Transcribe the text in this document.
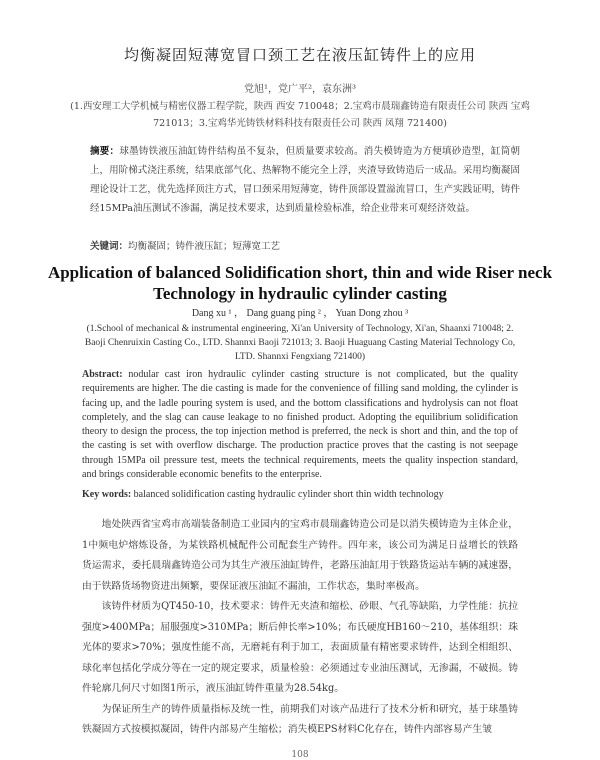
均衡凝固短薄宽冒口颈工艺在液压缸铸件上的应用
党旭¹，党广平²，袁东洲³
(1.西安理工大学机械与精密仪器工程学院，陕西 西安 710048；2.宝鸡市晨瑞鑫铸造有限责任公司 陕西 宝鸡 721013；3.宝鸡华光铸铁材料科技有限责任公司 陕西 凤翔 721400)
摘要：球墨铸铁液压油缸铸件结构虽不复杂，但质量要求较高。消失模铸造为方便填砂造型，缸筒朝上，用阶梯式浇注系统，结果底部气化、热解物不能完全上浮，夹渣导致铸造后一成品。采用均衡凝固理论设计工艺，优先选择顶注方式，冒口颈采用短薄宽，铸件顶部设置溢流冒口，生产实践证明，铸件经15MPa油压测试不渗漏，满足技术要求，达到质量检验标准，给企业带来可观经济效益。
关键词：均衡凝固；铸件液压缸；短薄宽工艺
Application of balanced Solidification short, thin and wide Riser neck Technology in hydraulic cylinder casting
Dang xu ¹ ， Dang guang ping ² ， Yuan Dong zhou ³
(1.School of mechanical & instrumental engineering, Xi'an University of Technology, Xi'an, Shaanxi 710048; 2. Baoji Chenruixin Casting Co., LTD. Shannxi Baoji 721013; 3. Baoji Huaguang Casting Material Technology Co, LTD. Shannxi Fengxiang 721400)
Abstract: nodular cast iron hydraulic cylinder casting structure is not complicated, but the quality requirements are higher. The die casting is made for the convenience of filling sand molding, the cylinder is facing up, and the ladle pouring system is used, and the bottom classifications and hydrolysis can not float completely, and the slag can cause leakage to no finished product. Adopting the equilibrium solidification theory to design the process, the top injection method is preferred, the neck is short and thin, and the top of the casting is set with overflow discharge. The production practice proves that the casting is not seepage through 15MPa oil pressure test, meets the technical requirements, meets the quality inspection standard, and brings considerable economic benefits to the enterprise.
Key words: balanced solidification casting hydraulic cylinder short thin width technology

地处陕西省宝鸡市高端装备制造工业园内的宝鸡市晨瑞鑫铸造公司是以消失模铸造为主体企业，1中频电炉熔炼设备，为某铁路机械配件公司配套生产铸件。四年来，该公司为满足日益增长的铁路货运需求，委托晨瑞鑫铸造公司为其生产液压油缸铸件，老路压油缸用于铁路货运站车辆的减速器，由于铁路货场物资进出频繁，要保证液压油缸不漏油，工作状态，集时率极高。

该铸件材质为QT450-10，技术要求：铸件无夹渣和缩松、砂眼、气孔等缺陷，力学性能：抗拉强度>400MPa；屈服强度>310MPa；断后伸长率>10%；布氏硬度HB160～210，基体组织：珠光体的要求>70%；强度性能不高，无磨耗有利于加工，表面质量有精密要求铸件，达到全相组织、球化率包括化学成分等在一定的规定要求，质量检验：必须通过专业油压测试，无渗漏，不破损。铸件轮廓几何尺寸如图1所示，液压油缸铸件重量为28.54kg。

为保证所生产的铸件质量指标及统一性，前期我们对该产品进行了技术分析和研究，基于球墨铸铁凝固方式按模拟凝固，铸件内部易产生缩松；消失模EPS材料C化存在，铸件内部容易产生皱

108
